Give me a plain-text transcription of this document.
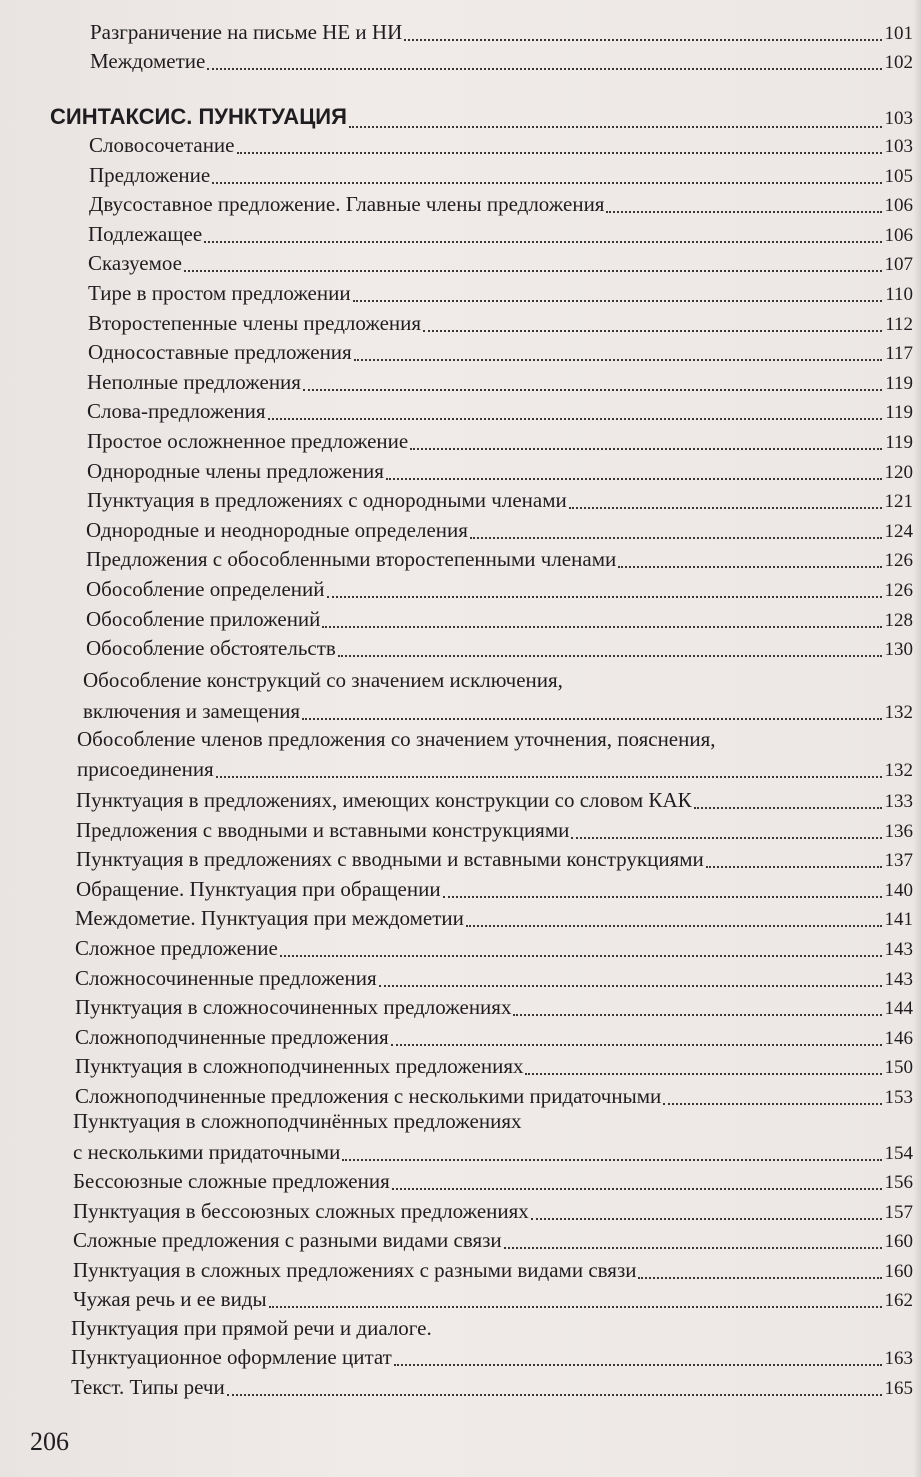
Разграничение на письме НЕ и НИ	101
Междометие	102
СИНТАКСИС. ПУНКТУАЦИЯ	103
Словосочетание	103
Предложение	105
Двусоставное предложение. Главные члены предложения	106
Подлежащее	106
Сказуемое	107
Тире в простом предложении	110
Второстепенные члены предложения	112
Односоставные предложения	117
Неполные предложения	119
Слова-предложения	119
Простое осложненное предложение	119
Однородные члены предложения	120
Пунктуация в предложениях с однородными членами	121
Однородные и неоднородные определения	124
Предложения с обособленными второстепенными членами	126
Обособление определений	126
Обособление приложений	128
Обособление обстоятельств	130
Обособление конструкций со значением исключения,
включения и замещения	132
Обособление членов предложения со значением уточнения, пояснения,
присоединения	132
Пунктуация в предложениях, имеющих конструкции со словом КАК	133
Предложения с вводными и вставными конструкциями	136
Пунктуация в предложениях с вводными и вставными конструкциями	137
Обращение. Пунктуация при обращении	140
Междометие. Пунктуация при междометии	141
Сложное предложение	143
Сложносочиненные предложения	143
Пунктуация в сложносочиненных предложениях	144
Сложноподчиненные предложения	146
Пунктуация в сложноподчиненных предложениях	150
Сложноподчиненные предложения с несколькими придаточными	153
Пунктуация в сложноподчинённых предложениях
с несколькими придаточными	154
Бессоюзные сложные предложения	156
Пунктуация в бессоюзных сложных предложениях	157
Сложные предложения с разными видами связи	160
Пунктуация в сложных предложениях с разными видами связи	160
Чужая речь и ее виды	162
Пунктуация при прямой речи и диалоге.
Пунктуационное оформление цитат	163
Текст. Типы речи	165
206
